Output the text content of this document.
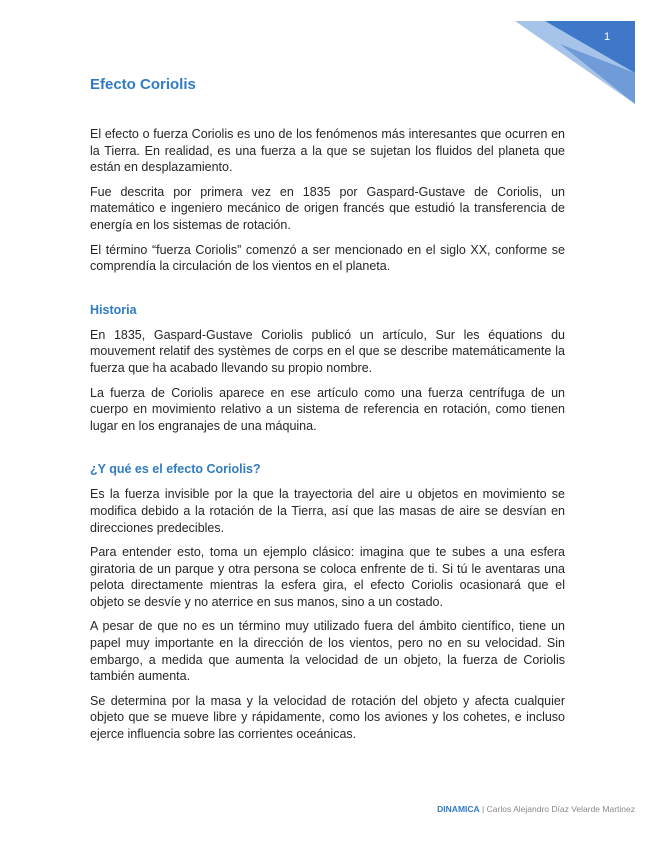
1
Efecto Coriolis

El efecto o fuerza Coriolis es uno de los fenómenos más interesantes que ocurren en la Tierra. En realidad, es una fuerza a la que se sujetan los fluidos del planeta que están en desplazamiento.

Fue descrita por primera vez en 1835 por Gaspard-Gustave de Coriolis, un matemático e ingeniero mecánico de origen francés que estudió la transferencia de energía en los sistemas de rotación.

El término “fuerza Coriolis” comenzó a ser mencionado en el siglo XX, conforme se comprendía la circulación de los vientos en el planeta.

Historia

En 1835, Gaspard-Gustave Coriolis publicó un artículo, Sur les équations du mouvement relatif des systèmes de corps en el que se describe matemáticamente la fuerza que ha acabado llevando su propio nombre.

La fuerza de Coriolis aparece en ese artículo como una fuerza centrífuga de un cuerpo en movimiento relativo a un sistema de referencia en rotación, como tienen lugar en los engranajes de una máquina.

¿Y qué es el efecto Coriolis?

Es la fuerza invisible por la que la trayectoria del aire u objetos en movimiento se modifica debido a la rotación de la Tierra, así que las masas de aire se desvían en direcciones predecibles.

Para entender esto, toma un ejemplo clásico: imagina que te subes a una esfera giratoria de un parque y otra persona se coloca enfrente de ti. Si tú le aventaras una pelota directamente mientras la esfera gira, el efecto Coriolis ocasionará que el objeto se desvíe y no aterrice en sus manos, sino a un costado.

A pesar de que no es un término muy utilizado fuera del ámbito científico, tiene un papel muy importante en la dirección de los vientos, pero no en su velocidad. Sin embargo, a medida que aumenta la velocidad de un objeto, la fuerza de Coriolis también aumenta.

Se determina por la masa y la velocidad de rotación del objeto y afecta cualquier objeto que se mueve libre y rápidamente, como los aviones y los cohetes, e incluso ejerce influencia sobre las corrientes oceánicas.

DINAMICA | Carlos Alejandro Díaz Velarde Martinez
